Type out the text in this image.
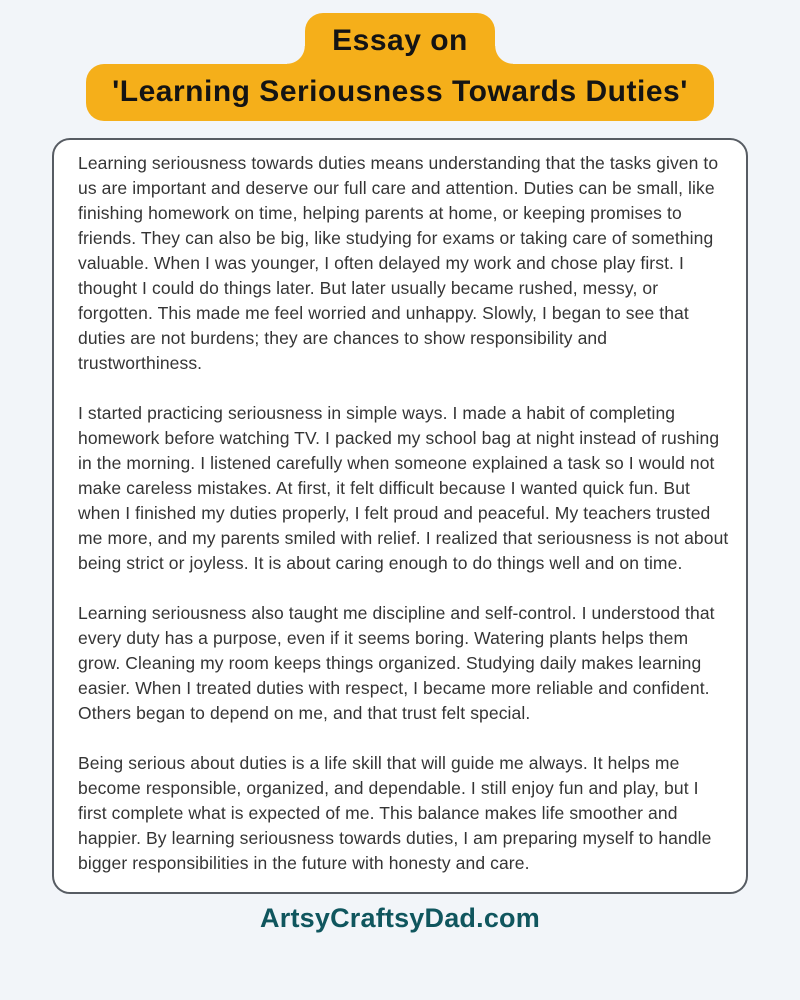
Essay on
'Learning Seriousness Towards Duties'

Learning seriousness towards duties means understanding that the tasks given to us are important and deserve our full care and attention. Duties can be small, like finishing homework on time, helping parents at home, or keeping promises to friends. They can also be big, like studying for exams or taking care of something valuable. When I was younger, I often delayed my work and chose play first. I thought I could do things later. But later usually became rushed, messy, or forgotten. This made me feel worried and unhappy. Slowly, I began to see that duties are not burdens; they are chances to show responsibility and trustworthiness.

I started practicing seriousness in simple ways. I made a habit of completing homework before watching TV. I packed my school bag at night instead of rushing in the morning. I listened carefully when someone explained a task so I would not make careless mistakes. At first, it felt difficult because I wanted quick fun. But when I finished my duties properly, I felt proud and peaceful. My teachers trusted me more, and my parents smiled with relief. I realized that seriousness is not about being strict or joyless. It is about caring enough to do things well and on time.

Learning seriousness also taught me discipline and self-control. I understood that every duty has a purpose, even if it seems boring. Watering plants helps them grow. Cleaning my room keeps things organized. Studying daily makes learning easier. When I treated duties with respect, I became more reliable and confident. Others began to depend on me, and that trust felt special.

Being serious about duties is a life skill that will guide me always. It helps me become responsible, organized, and dependable. I still enjoy fun and play, but I first complete what is expected of me. This balance makes life smoother and happier. By learning seriousness towards duties, I am preparing myself to handle bigger responsibilities in the future with honesty and care.

ArtsyCraftsyDad.com
